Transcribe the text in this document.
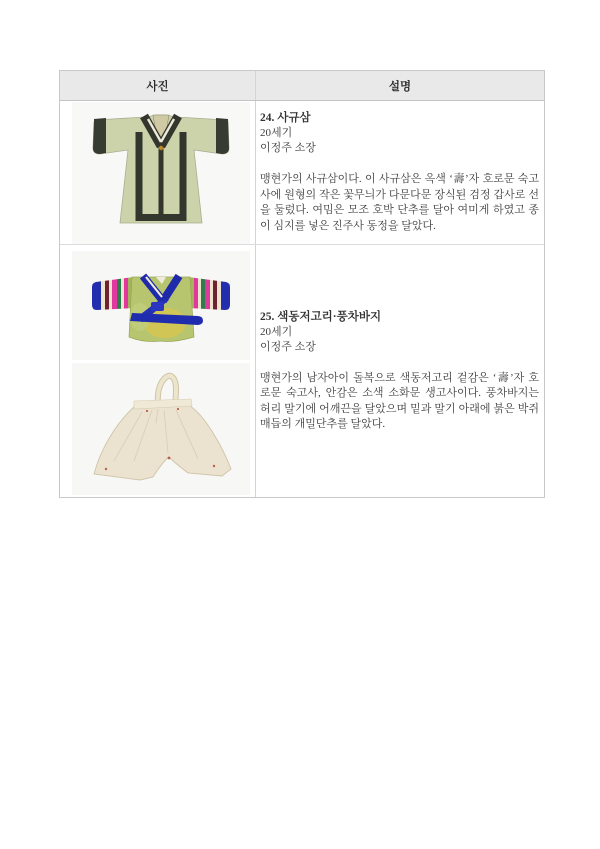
사진	설명
24. 사규삼
20세기
이정주 소장

맹현가의 사규삼이다. 이 사규삼은 옥색 ‘壽’자 호로문 숙고사에 원형의 작은 꽃무늬가 다문다문 장식된 검정 갑사로 선을 둘렀다. 여밈은 모조 호박 단추를 달아 여미게 하였고 종이 심지를 넣은 진주사 동정을 달았다.

25. 색동저고리·풍차바지
20세기
이정주 소장

맹현가의 남자아이 돌복으로 색동저고리 겉감은 ‘壽’자 호로문 숙고사, 안감은 소색 소화문 생고사이다. 풍차바지는 허리 말기에 어깨끈을 달았으며 밑과 말기 아래에 붉은 박쥐매듭의 개밀단추를 달았다.
